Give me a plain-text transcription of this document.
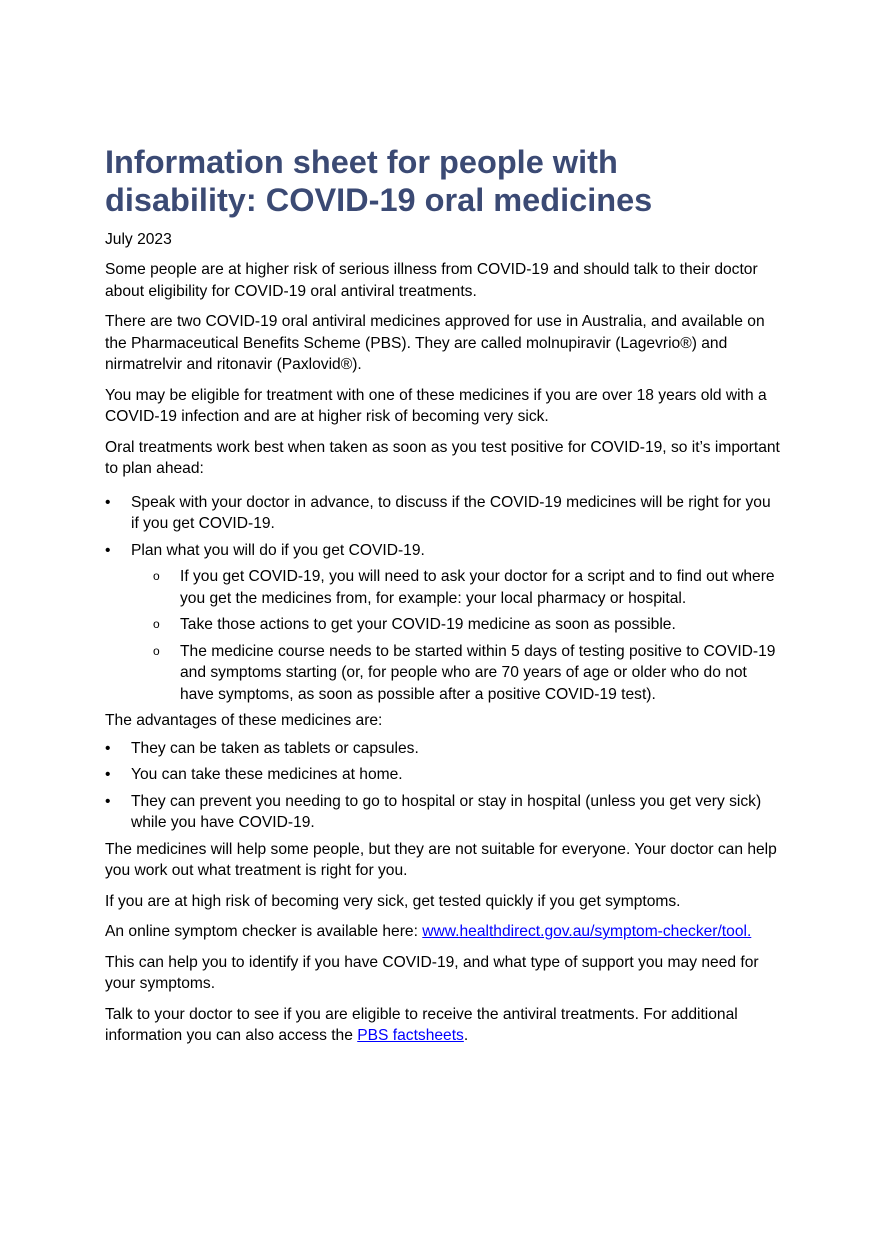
Information sheet for people with
disability: COVID-19 oral medicines
July 2023

Some people are at higher risk of serious illness from COVID-19 and should talk to their doctor about eligibility for COVID-19 oral antiviral treatments.

There are two COVID-19 oral antiviral medicines approved for use in Australia, and available on the Pharmaceutical Benefits Scheme (PBS). They are called molnupiravir (Lagevrio®) and nirmatrelvir and ritonavir (Paxlovid®).

You may be eligible for treatment with one of these medicines if you are over 18 years old with a COVID-19 infection and are at higher risk of becoming very sick.

Oral treatments work best when taken as soon as you test positive for COVID-19, so it’s important to plan ahead:

•	Speak with your doctor in advance, to discuss if the COVID-19 medicines will be right for you if you get COVID-19.
•	Plan what you will do if you get COVID-19.
o If you get COVID-19, you will need to ask your doctor for a script and to find out where you get the medicines from, for example: your local pharmacy or hospital.
o Take those actions to get your COVID-19 medicine as soon as possible.
o The medicine course needs to be started within 5 days of testing positive to COVID-19 and symptoms starting (or, for people who are 70 years of age or older who do not have symptoms, as soon as possible after a positive COVID-19 test).

The advantages of these medicines are:

•	They can be taken as tablets or capsules.
•	You can take these medicines at home.
•	They can prevent you needing to go to hospital or stay in hospital (unless you get very sick) while you have COVID-19.

The medicines will help some people, but they are not suitable for everyone. Your doctor can help you work out what treatment is right for you.

If you are at high risk of becoming very sick, get tested quickly if you get symptoms.

An online symptom checker is available here: www.healthdirect.gov.au/symptom-checker/tool.

This can help you to identify if you have COVID-19, and what type of support you may need for your symptoms.

Talk to your doctor to see if you are eligible to receive the antiviral treatments. For additional information you can also access the PBS factsheets.
